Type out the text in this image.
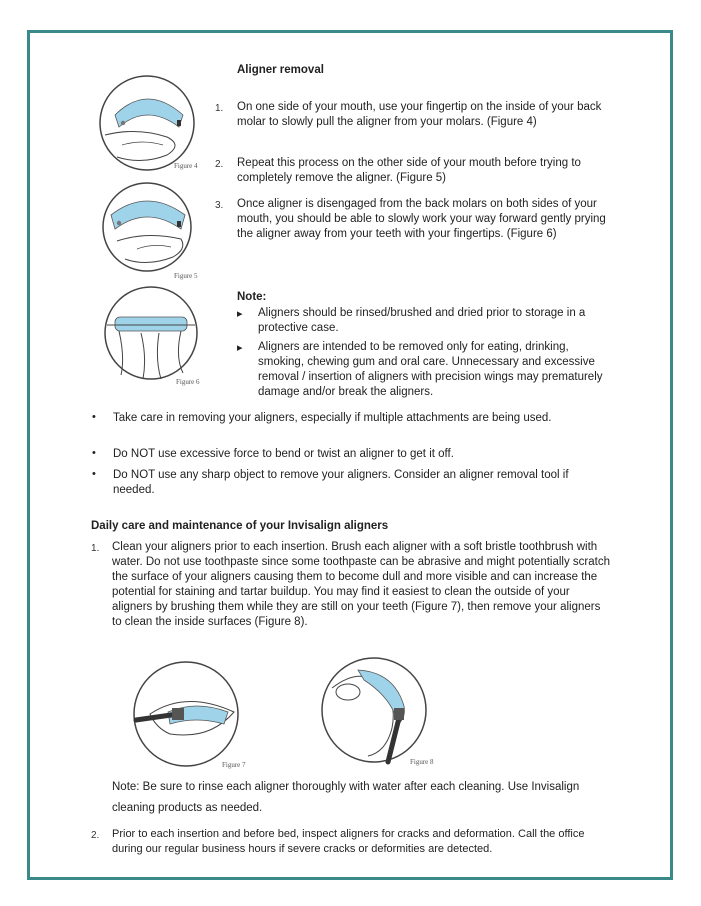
Figure 4
Figure 5
Figure 6
Aligner removal
1. On one side of your mouth, use your fingertip on the inside of your back molar to slowly pull the aligner from your molars. (Figure 4)
2. Repeat this process on the other side of your mouth before trying to completely remove the aligner. (Figure 5)
3. Once aligner is disengaged from the back molars on both sides of your mouth, you should be able to slowly work your way forward gently prying the aligner away from your teeth with your fingertips. (Figure 6)
Note:
▸ Aligners should be rinsed/brushed and dried prior to storage in a protective case.
▸ Aligners are intended to be removed only for eating, drinking, smoking, chewing gum and oral care. Unnecessary and excessive removal / insertion of aligners with precision wings may prematurely damage and/or break the aligners.
• Take care in removing your aligners, especially if multiple attachments are being used.
• Do NOT use excessive force to bend or twist an aligner to get it off.
• Do NOT use any sharp object to remove your aligners. Consider an aligner removal tool if needed.
Daily care and maintenance of your Invisalign aligners
1. Clean your aligners prior to each insertion. Brush each aligner with a soft bristle toothbrush with water. Do not use toothpaste since some toothpaste can be abrasive and might potentially scratch the surface of your aligners causing them to become dull and more visible and can increase the potential for staining and tartar buildup. You may find it easiest to clean the outside of your aligners by brushing them while they are still on your teeth (Figure 7), then remove your aligners to clean the inside surfaces (Figure 8).
Figure 7	Figure 8
Note: Be sure to rinse each aligner thoroughly with water after each cleaning. Use Invisalign cleaning products as needed.
2. Prior to each insertion and before bed, inspect aligners for cracks and deformation. Call the office during our regular business hours if severe cracks or deformities are detected.
